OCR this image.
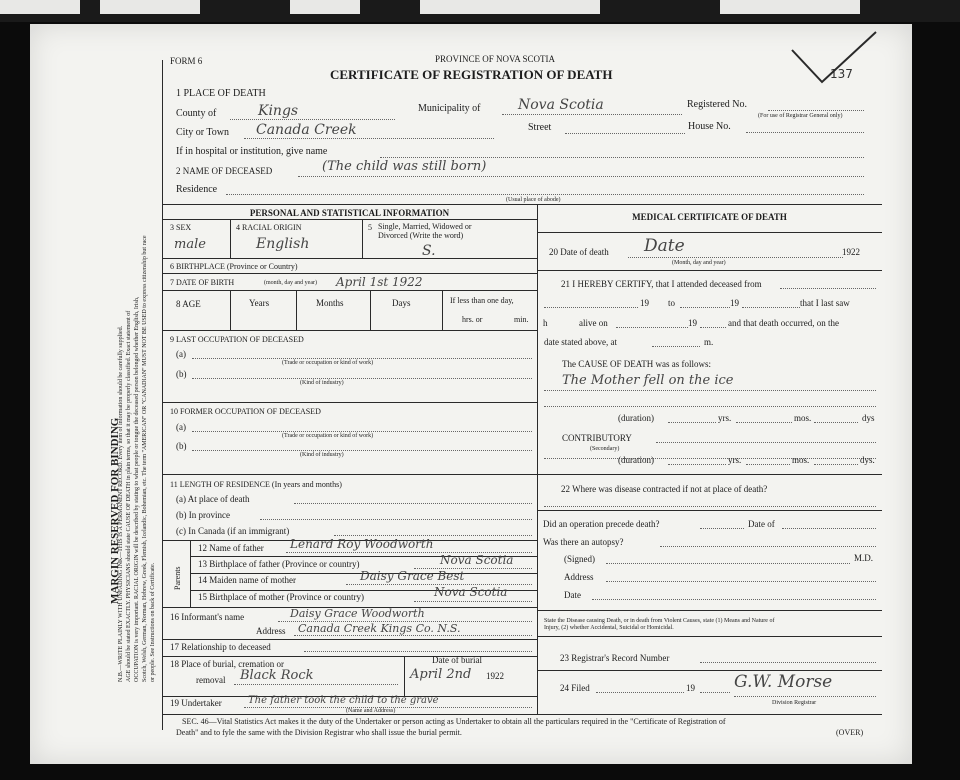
MARGIN RESERVED FOR BINDING
N.B.—WRITE PLAINLY WITH UNFADING INK—THIS IS A PERMANENT RECORD. Every item of information should be carefully supplied. AGE should be stated EXACTLY. PHYSICIANS should state CAUSE OF DEATH in plain terms, so that it may be properly classified. Exact statement of OCCUPATION is very important. RACIAL ORIGIN will be described by stating to what people or tongue the deceased person belonged whether English, Irish, Scotch, Welsh, German, Norman, Hebrew, Greek, Flemish, Icelandic, Bohemian, etc. The term "AMERICAN" OR "CANADIAN" MUST NOT BE USED to express citizenship but race or people. See Instructions on back of Certificate.
FORM 6	PROVINCE OF NOVA SCOTIA
CERTIFICATE OF REGISTRATION OF DEATH	137
1 PLACE OF DEATH
County of	Kings	Municipality of	Nova Scotia	Registered No.
(For use of Registrar General only)
City or Town Canada Creek	Street	House No.
If in hospital or institution, give name
2 NAME OF DECEASED	(The child was still born)
Residence
(Usual place of abode)
PERSONAL AND STATISTICAL INFORMATION
3 SEX
male
4 RACIAL ORIGIN
English
5 Single, Married, Widowed or
Divorced (Write the word)
S.
6 BIRTHPLACE (Province or Country)
7 DATE OF BIRTH	(month, day and year) April 1st 1922
8 AGE	Years	Months	Days	If less than one day,
hrs. or	min.
9 LAST OCCUPATION OF DECEASED
(a)
(Trade or occupation or kind of work)
(b)
(Kind of industry)
10 FORMER OCCUPATION OF DECEASED
(a)
(Trade or occupation or kind of work)
(b)
(Kind of industry)
11 LENGTH OF RESIDENCE (In years and months)
(a) At place of death
(b) In province
(c) In Canada (if an immigrant)
Parents
12 Name of father Lenard Roy Woodworth
13 Birthplace of father (Province or country)	Nova Scotia
14 Maiden name of mother	Daisy Grace Best
15 Birthplace of mother (Province or country)	Nova Scotia
16 Informant's name	Daisy Grace Woodworth
Address Canada Creek Kings Co. N.S.
17 Relationship to deceased
18 Place of burial, cremation or
removal Black Rock
Date of burial
April 2nd 1922
19 Undertaker	The father took the child to the grave
(Name and Address)
MEDICAL CERTIFICATE OF DEATH
20 Date of death Date	1922
(Month, day and year)
21 I HEREBY CERTIFY, that I attended deceased from
19 to	19	that I last saw
h	alive on	19	and that death occurred, on the
date stated above, at	m.
The CAUSE OF DEATH was as follows:
The Mother fell on the ice
(duration)	yrs.	mos.	dys
CONTRIBUTORY
(Secondary)
(duration)	yrs.	mos.	dys.
22 Where was disease contracted if not at place of death?
Did an operation precede death?	Date of
Was there an autopsy?
(Signed)	M.D.
Address
Date
State the Disease causing Death, or in death from Violent Causes, state (1) Means and Nature of
Injury, (2) whether Accidental, Suicidal or Homicidal.
23 Registrar's Record Number
24 Filed	19 G.W. Morse
Division Registrar
SEC. 46—Vital Statistics Act makes it the duty of the Undertaker or person acting as Undertaker to obtain all the particulars required in the "Certificate of Registration of
Death" and to fyle the same with the Division Registrar who shall issue the burial permit.	(OVER)
